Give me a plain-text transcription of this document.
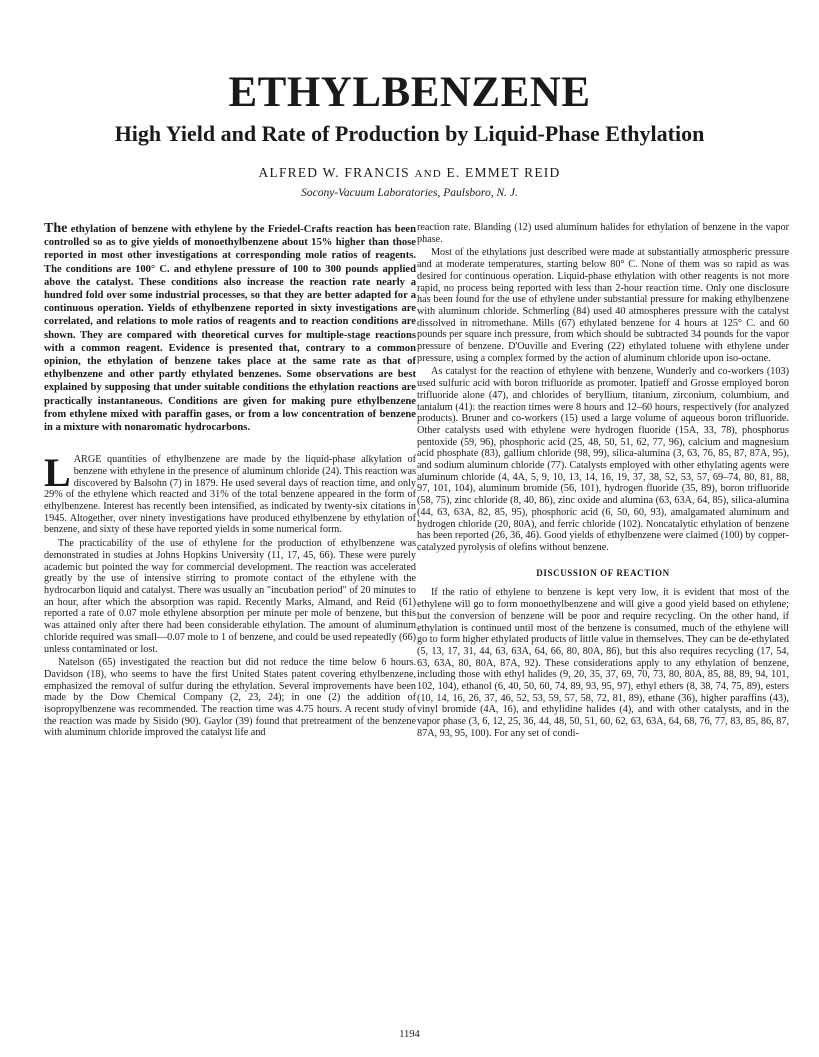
ETHYLBENZENE
High Yield and Rate of Production by Liquid-Phase Ethylation
ALFRED W. FRANCIS AND E. EMMET REID
Socony-Vacuum Laboratories, Paulsboro, N. J.
The ethylation of benzene with ethylene by the Friedel-Crafts reaction has been controlled so as to give yields of monoethylbenzene about 15% higher than those reported in most other investigations at corresponding mole ratios of reagents. The conditions are 100° C. and ethylene pressure of 100 to 300 pounds applied above the catalyst. These conditions also increase the reaction rate nearly a hundred fold over some industrial processes, so that they are better adapted for a continuous operation. Yields of ethylbenzene reported in sixty investigations are correlated, and relations to mole ratios of reagents and to reaction conditions are shown. They are compared with theoretical curves for multiple-stage reactions with a common reagent. Evidence is presented that, contrary to a common opinion, the ethylation of benzene takes place at the same rate as that of ethylbenzene and other partly ethylated benzenes. Some observations are best explained by supposing that under suitable conditions the ethylation reactions are practically instantaneous. Conditions are given for making pure ethylbenzene from ethylene mixed with paraffin gases, or from a low concentration of benzene in a mixture with nonaromatic hydrocarbons.

LARGE quantities of ethylbenzene are made by the liquid-phase alkylation of benzene with ethylene in the presence of aluminum chloride (24). This reaction was discovered by Balsohn (7) in 1879. He used several days of reaction time, and only 29% of the ethylene which reacted and 31% of the total benzene appeared in the form of ethylbenzene. Interest has recently been intensified, as indicated by twenty-six citations in 1945. Altogether, over ninety investigations have produced ethylbenzene by ethylation of benzene, and sixty of these have reported yields in some numerical form.

The practicability of the use of ethylene for the production of ethylbenzene was demonstrated in studies at Johns Hopkins University (11, 17, 45, 66). These were purely academic but pointed the way for commercial development. The reaction was accelerated greatly by the use of intensive stirring to promote contact of the ethylene with the hydrocarbon liquid and catalyst. There was usually an "incubation period" of 20 minutes to an hour, after which the absorption was rapid. Recently Marks, Almand, and Reid (61) reported a rate of 0.07 mole ethylene absorption per minute per mole of benzene, but this was attained only after there had been considerable ethylation. The amount of aluminum chloride required was small—0.07 mole to 1 of benzene, and could be used repeatedly (66) unless contaminated or lost.

Natelson (65) investigated the reaction but did not reduce the time below 6 hours. Davidson (18), who seems to have the first United States patent covering ethylbenzene, emphasized the removal of sulfur during the ethylation. Several improvements have been made by the Dow Chemical Company (2, 23, 24); in one (2) the addition of isopropylbenzene was recommended. The reaction time was 4.75 hours. A recent study of the reaction was made by Sisido (90). Gaylor (39) found that pretreatment of the benzene with aluminum chloride improved the catalyst life and

reaction rate. Blanding (12) used aluminum halides for ethylation of benzene in the vapor phase.

Most of the ethylations just described were made at substantially atmospheric pressure and at moderate temperatures, starting below 80° C. None of them was so rapid as was desired for continuous operation. Liquid-phase ethylation with other reagents is not more rapid, no process being reported with less than 2-hour reaction time. Only one disclosure has been found for the use of ethylene under substantial pressure for making ethylbenzene with aluminum chloride. Schmerling (84) used 40 atmospheres pressure with the catalyst dissolved in nitromethane. Mills (67) ethylated benzene for 4 hours at 125° C. and 60 pounds per square inch pressure, from which should be subtracted 34 pounds for the vapor pressure of benzene. D'Ouville and Evering (22) ethylated toluene with ethylene under pressure, using a complex formed by the action of aluminum chloride upon iso-octane.

As catalyst for the reaction of ethylene with benzene, Wunderly and co-workers (103) used sulfuric acid with boron trifluoride as promoter. Ipatieff and Grosse employed boron trifluoride alone (47), and chlorides of beryllium, titanium, zirconium, columbium, and tantalum (41): the reaction times were 8 hours and 12–60 hours, respectively (for analyzed products). Bruner and co-workers (15) used a large volume of aqueous boron trifluoride. Other catalysts used with ethylene were hydrogen fluoride (15A, 33, 78), phosphorus pentoxide (59, 96), phosphoric acid (25, 48, 50, 51, 62, 77, 96), calcium and magnesium acid phosphate (83), gallium chloride (98, 99), silica-alumina (3, 63, 76, 85, 87, 87A, 95), and sodium aluminum chloride (77). Catalysts employed with other ethylating agents were aluminum chloride (4, 4A, 5, 9, 10, 13, 14, 16, 19, 37, 38, 52, 53, 57, 69–74, 80, 81, 88, 97, 101, 104), aluminum bromide (56, 101), hydrogen fluoride (35, 89), boron trifluoride (58, 75), zinc chloride (8, 40, 86), zinc oxide and alumina (63, 63A, 64, 85), silica-alumina (44, 63, 63A, 82, 85, 95), phosphoric acid (6, 50, 60, 93), amalgamated aluminum and hydrogen chloride (20, 80A), and ferric chloride (102). Noncatalytic ethylation of benzene has been reported (26, 36, 46). Good yields of ethylbenzene were claimed (100) by copper-catalyzed pyrolysis of olefins without benzene.

DISCUSSION OF REACTION

If the ratio of ethylene to benzene is kept very low, it is evident that most of the ethylene will go to form monoethylbenzene and will give a good yield based on ethylene; but the conversion of benzene will be poor and require recycling. On the other hand, if ethylation is continued until most of the benzene is consumed, much of the ethylene will go to form higher ethylated products of little value in themselves. They can be de-ethylated (5, 13, 17, 31, 44, 63, 63A, 64, 66, 80, 80A, 86), but this also requires recycling (17, 54, 63, 63A, 80, 80A, 87A, 92). These considerations apply to any ethylation of benzene, including those with ethyl halides (9, 20, 35, 37, 69, 70, 73, 80, 80A, 85, 88, 89, 94, 101, 102, 104), ethanol (6, 40, 50, 60, 74, 89, 93, 95, 97), ethyl ethers (8, 38, 74, 75, 89), esters (10, 14, 16, 26, 37, 46, 52, 53, 59, 57, 58, 72, 81, 89), ethane (36), higher paraffins (43), vinyl bromide (4A, 16), and ethylidine halides (4), and with other catalysts, and in the vapor phase (3, 6, 12, 25, 36, 44, 48, 50, 51, 60, 62, 63, 63A, 64, 68, 76, 77, 83, 85, 86, 87, 87A, 93, 95, 100). For any set of condi-

1194
